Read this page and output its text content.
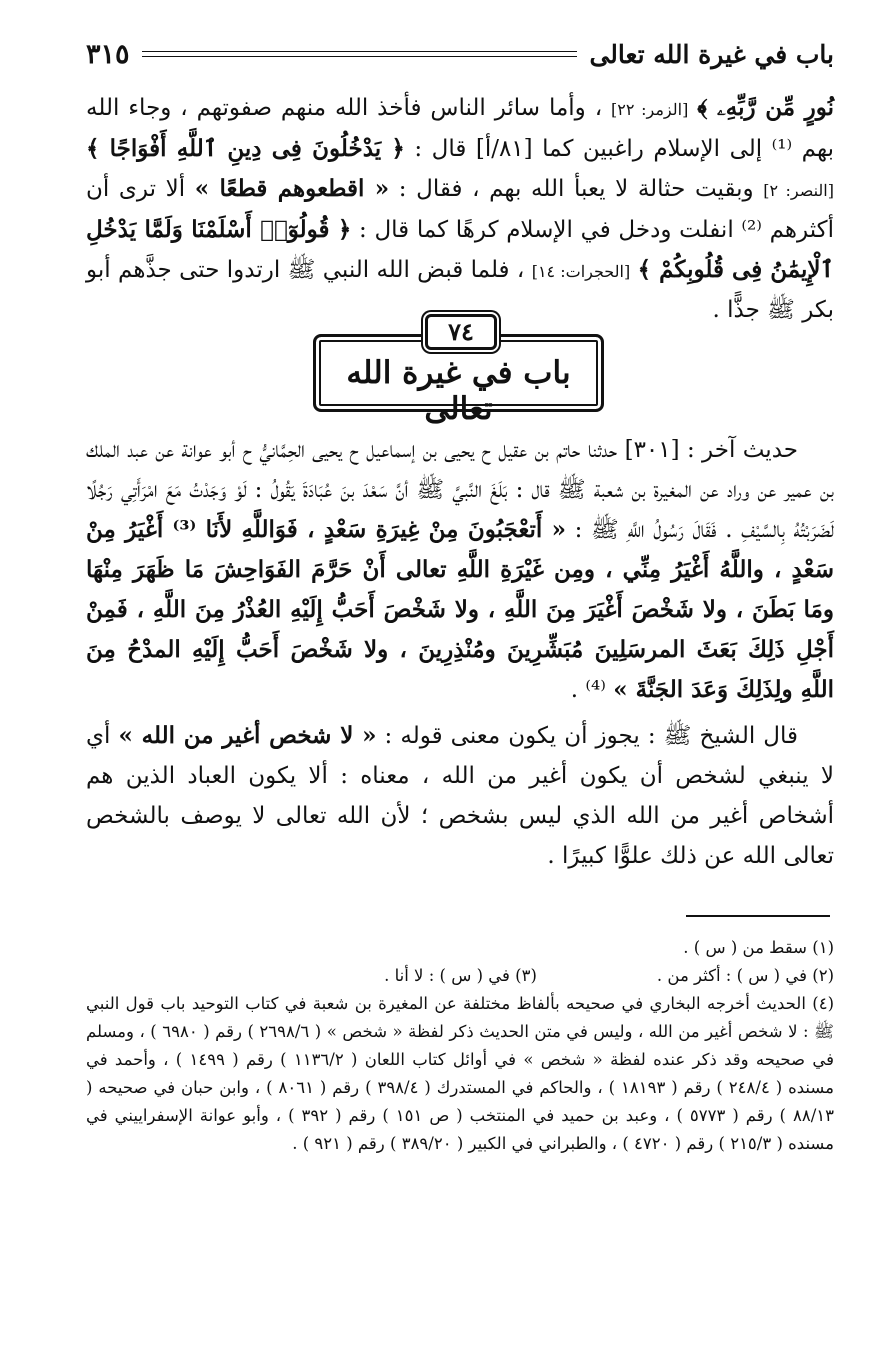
٣١٥	باب في غيرة الله تعالى

نُورٍ مِّن رَّبِّهِۦ ﴾ [الزمر: ٢٢] ، وأما سائر الناس فأخذ الله منهم صفوتهم ، وجاء الله بهم ⁽¹⁾ إلى الإسلام راغبين كما [٨١/أ] قال : ﴿ يَدْخُلُونَ فِى دِينِ ٱللَّهِ أَفْوَاجًا ﴾ [النصر: ٢] وبقيت حثالة لا يعبأ الله بهم ، فقال : « اقطعوهم قطعًا » ألا ترى أن أكثرهم ⁽²⁾ انفلت ودخل في الإسلام كرهًا كما قال : ﴿ قُولُوٓا۟ أَسْلَمْنَا وَلَمَّا يَدْخُلِ ٱلْإِيمَٰنُ فِى قُلُوبِكُمْ ﴾ [الحجرات: ١٤] ، فلما قبض الله النبي ﷺ ارتدوا حتى جذَّهم أبو بكر ﷺ جذًّا .

٧٤
باب في غيرة الله تعالى

حديث آخر : [٣٠١] حدثنا حاتم بن عقيل ح يحيى بن إسماعيل ح يحيى الحِمَّانيُّ ح أبو عوانة عن عبد الملك بن عمير عن وراد عن المغيرة بن شعبة ﷺ قال : بَلَغَ النَّبيَّ ﷺ أنَّ سَعْدَ بنَ عُبَادَةَ يَقُولُ : لَوْ وَجَدْتُ مَعَ امْرَأَتِي رَجُلًا لَضَرَبْتُهُ بِالسَّيْفِ . فَقَالَ رَسُولُ اللَّهِ ﷺ : « أَتعْجَبُونَ مِنْ غِيرَةِ سَعْدٍ ، فَوَاللَّهِ لأَنَا ⁽³⁾ أَغْيَرُ مِنْ سَعْدٍ ، واللَّهُ أَغْيَرُ مِنِّي ، ومِن غَيْرَةِ اللَّهِ تعالى أَنْ حَرَّمَ الفَوَاحِشَ مَا ظَهَرَ مِنْهَا ومَا بَطَنَ ، ولا شَخْصَ أَغْيَرَ مِنَ اللَّهِ ، ولا شَخْصَ أَحَبُّ إِلَيْهِ العُذْرُ مِنَ اللَّهِ ، فَمِنْ أَجْلِ ذَلِكَ بَعَثَ المرسَلِينَ مُبَشِّرِينَ ومُنْذِرِينَ ، ولا شَخْصَ أَحَبُّ إِلَيْهِ المدْحُ مِنَ اللَّهِ ولِذَلِكَ وَعَدَ الجَنَّةَ » ⁽⁴⁾ .

قال الشيخ ﷺ : يجوز أن يكون معنى قوله : « لا شخص أغير من الله » أي لا ينبغي لشخص أن يكون أغير من الله ، معناه : ألا يكون العباد الذين هم أشخاص أغير من الله الذي ليس بشخص ؛ لأن الله تعالى لا يوصف بالشخص تعالى الله عن ذلك علوًّا كبيرًا .

(١) سقط من ( س ) .

(٢) في ( س ) : أكثر من .
(٣) في ( س ) : لا أنا .

(٤) الحديث أخرجه البخاري في صحيحه بألفاظ مختلفة عن المغيرة بن شعبة في كتاب التوحيد باب قول النبي ﷺ : لا شخص أغير من الله ، وليس في متن الحديث ذكر لفظة « شخص » ( ٢٦٩٨/٦ ) رقم ( ٦٩٨٠ ) ، ومسلم في صحيحه وقد ذكر عنده لفظة « شخص » في أوائل كتاب اللعان ( ١١٣٦/٢ ) رقم ( ١٤٩٩ ) ، وأحمد في مسنده ( ٢٤٨/٤ ) رقم ( ١٨١٩٣ ) ، والحاكم في المستدرك ( ٣٩٨/٤ ) رقم ( ٨٠٦١ ) ، وابن حبان في صحيحه ( ٨٨/١٣ ) رقم ( ٥٧٧٣ ) ، وعبد بن حميد في المنتخب ( ص ١٥١ ) رقم ( ٣٩٢ ) ، وأبو عوانة الإسفراييني في مسنده ( ٢١٥/٣ ) رقم ( ٤٧٢٠ ) ، والطبراني في الكبير ( ٣٨٩/٢٠ ) رقم ( ٩٢١ ) .
